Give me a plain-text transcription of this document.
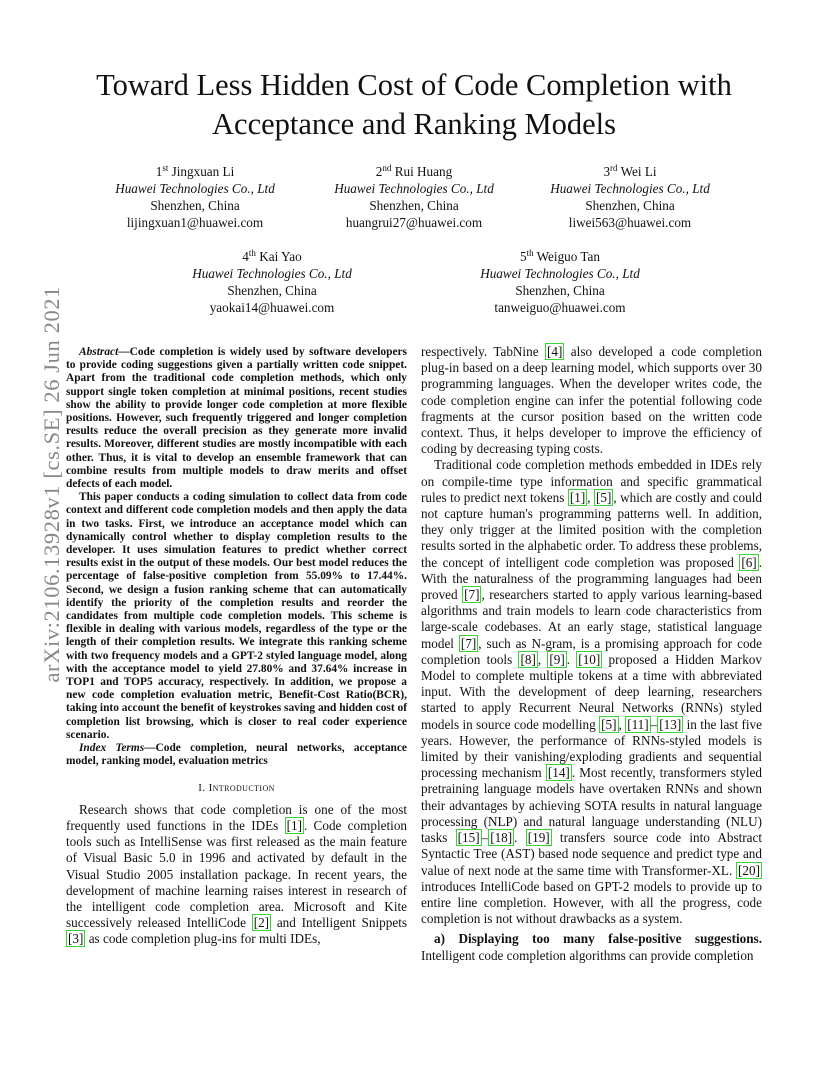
arXiv:2106.13928v1 [cs.SE] 26 Jun 2021
Toward Less Hidden Cost of Code Completion with
Acceptance and Ranking Models
1st Jingxuan Li
Huawei Technologies Co., Ltd
Shenzhen, China
lijingxuan1@huawei.com
2nd Rui Huang
Huawei Technologies Co., Ltd
Shenzhen, China
huangrui27@huawei.com
3rd Wei Li
Huawei Technologies Co., Ltd
Shenzhen, China
liwei563@huawei.com
4th Kai Yao
Huawei Technologies Co., Ltd
Shenzhen, China
yaokai14@huawei.com
5th Weiguo Tan
Huawei Technologies Co., Ltd
Shenzhen, China
tanweiguo@huawei.com

Abstract—Code completion is widely used by software developers to provide coding suggestions given a partially written code snippet. Apart from the traditional code completion methods, which only support single token completion at minimal positions, recent studies show the ability to provide longer code completion at more flexible positions. However, such frequently triggered and longer completion results reduce the overall precision as they generate more invalid results. Moreover, different studies are mostly incompatible with each other. Thus, it is vital to develop an ensemble framework that can combine results from multiple models to draw merits and offset defects of each model.

This paper conducts a coding simulation to collect data from code context and different code completion models and then apply the data in two tasks. First, we introduce an acceptance model which can dynamically control whether to display completion results to the developer. It uses simulation features to predict whether correct results exist in the output of these models. Our best model reduces the percentage of false-positive completion from 55.09% to 17.44%. Second, we design a fusion ranking scheme that can automatically identify the priority of the completion results and reorder the candidates from multiple code completion models. This scheme is flexible in dealing with various models, regardless of the type or the length of their completion results. We integrate this ranking scheme with two frequency models and a GPT-2 styled language model, along with the acceptance model to yield 27.80% and 37.64% increase in TOP1 and TOP5 accuracy, respectively. In addition, we propose a new code completion evaluation metric, Benefit-Cost Ratio(BCR), taking into account the benefit of keystrokes saving and hidden cost of completion list browsing, which is closer to real coder experience scenario.

Index Terms—Code completion, neural networks, acceptance model, ranking model, evaluation metrics

I. Introduction

Research shows that code completion is one of the most frequently used functions in the IDEs [1] . Code completion tools such as IntelliSense was first released as the main feature of Visual Basic 5.0 in 1996 and activated by default in the Visual Studio 2005 installation package. In recent years, the development of machine learning raises interest in research of the intelligent code completion area. Microsoft and Kite successively released IntelliCode [2] and Intelligent Snippets [3] as code completion plug-ins for multi IDEs,

respectively. TabNine [4] also developed a code completion plug-in based on a deep learning model, which supports over 30 programming languages. When the developer writes code, the code completion engine can infer the potential following code fragments at the cursor position based on the written code context. Thus, it helps developer to improve the efficiency of coding by decreasing typing costs.

Traditional code completion methods embedded in IDEs rely on compile-time type information and specific grammatical rules to predict next tokens [1] , [5] , which are costly and could not capture human's programming patterns well. In addition, they only trigger at the limited position with the completion results sorted in the alphabetic order. To address these problems, the concept of intelligent code completion was proposed [6] . With the naturalness of the programming languages had been proved [7] , researchers started to apply various learning-based algorithms and train models to learn code characteristics from large-scale codebases. At an early stage, statistical language model [7] , such as N-gram, is a promising approach for code completion tools [8] , [9] . [10] proposed a Hidden Markov Model to complete multiple tokens at a time with abbreviated input. With the development of deep learning, researchers started to apply Recurrent Neural Networks (RNNs) styled models in source code modelling [5] , [11] – [13] in the last five years. However, the performance of RNNs-styled models is limited by their vanishing/exploding gradients and sequential processing mechanism [14] . Most recently, transformers styled pretraining language models have overtaken RNNs and shown their advantages by achieving SOTA results in natural language processing (NLP) and natural language understanding (NLU) tasks [15] – [18] . [19] transfers source code into Abstract Syntactic Tree (AST) based node sequence and predict type and value of next node at the same time with Transformer-XL. [20] introduces IntelliCode based on GPT-2 models to provide up to entire line completion. However, with all the progress, code completion is not without drawbacks as a system.

a) Displaying too many false-positive suggestions. Intelligent code completion algorithms can provide completion
